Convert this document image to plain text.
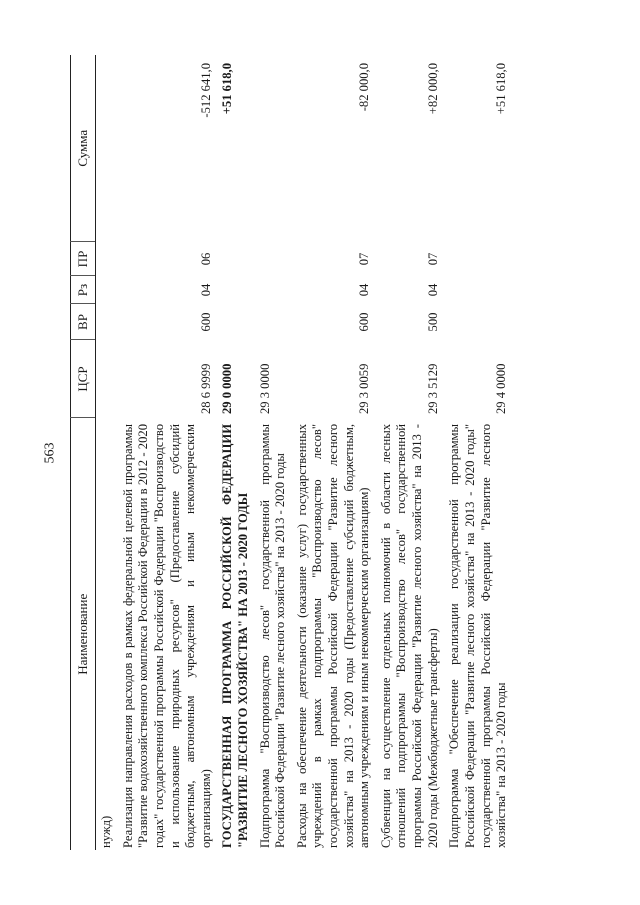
563
Наименование	ЦСР	ВР	Рз	ПР	Сумма
нужд)					
Реализация направления расходов в рамках федеральной целевой программы "Развитие водохозяйственного комплекса Российской Федерации в 2012 - 2020 годах" государственной программы Российской Федерации "Воспроизводство и использование природных ресурсов" (Предоставление субсидий бюджетным, автономным учреждениям и иным некоммерческим организациям)	28 6 9999	600	04	06	-512 641,0
ГОСУДАРСТВЕННАЯ ПРОГРАММА РОССИЙСКОЙ ФЕДЕРАЦИИ "РАЗВИТИЕ ЛЕСНОГО ХОЗЯЙСТВА" НА 2013 - 2020 ГОДЫ	29 0 0000				+51 618,0
Подпрограмма "Воспроизводство лесов" государственной программы Российской Федерации "Развитие лесного хозяйства" на 2013 - 2020 годы	29 3 0000				
Расходы на обеспечение деятельности (оказание услуг) государственных учреждений в рамках подпрограммы "Воспроизводство лесов" государственной программы Российской Федерации "Развитие лесного хозяйства" на 2013 - 2020 годы (Предоставление субсидий бюджетным, автономным учреждениям и иным некоммерческим организациям)	29 3 0059	600	04	07	-82 000,0
Субвенции на осуществление отдельных полномочий в области лесных отношений подпрограммы "Воспроизводство лесов" государственной программы Российской Федерации "Развитие лесного хозяйства" на 2013 - 2020 годы (Межбюджетные трансферты)	29 3 5129	500	04	07	+82 000,0
Подпрограмма "Обеспечение реализации государственной программы Российской Федерации "Развитие лесного хозяйства" на 2013 - 2020 годы" государственной программы Российской Федерации "Развитие лесного хозяйства" на 2013 - 2020 годы	29 4 0000				+51 618,0
